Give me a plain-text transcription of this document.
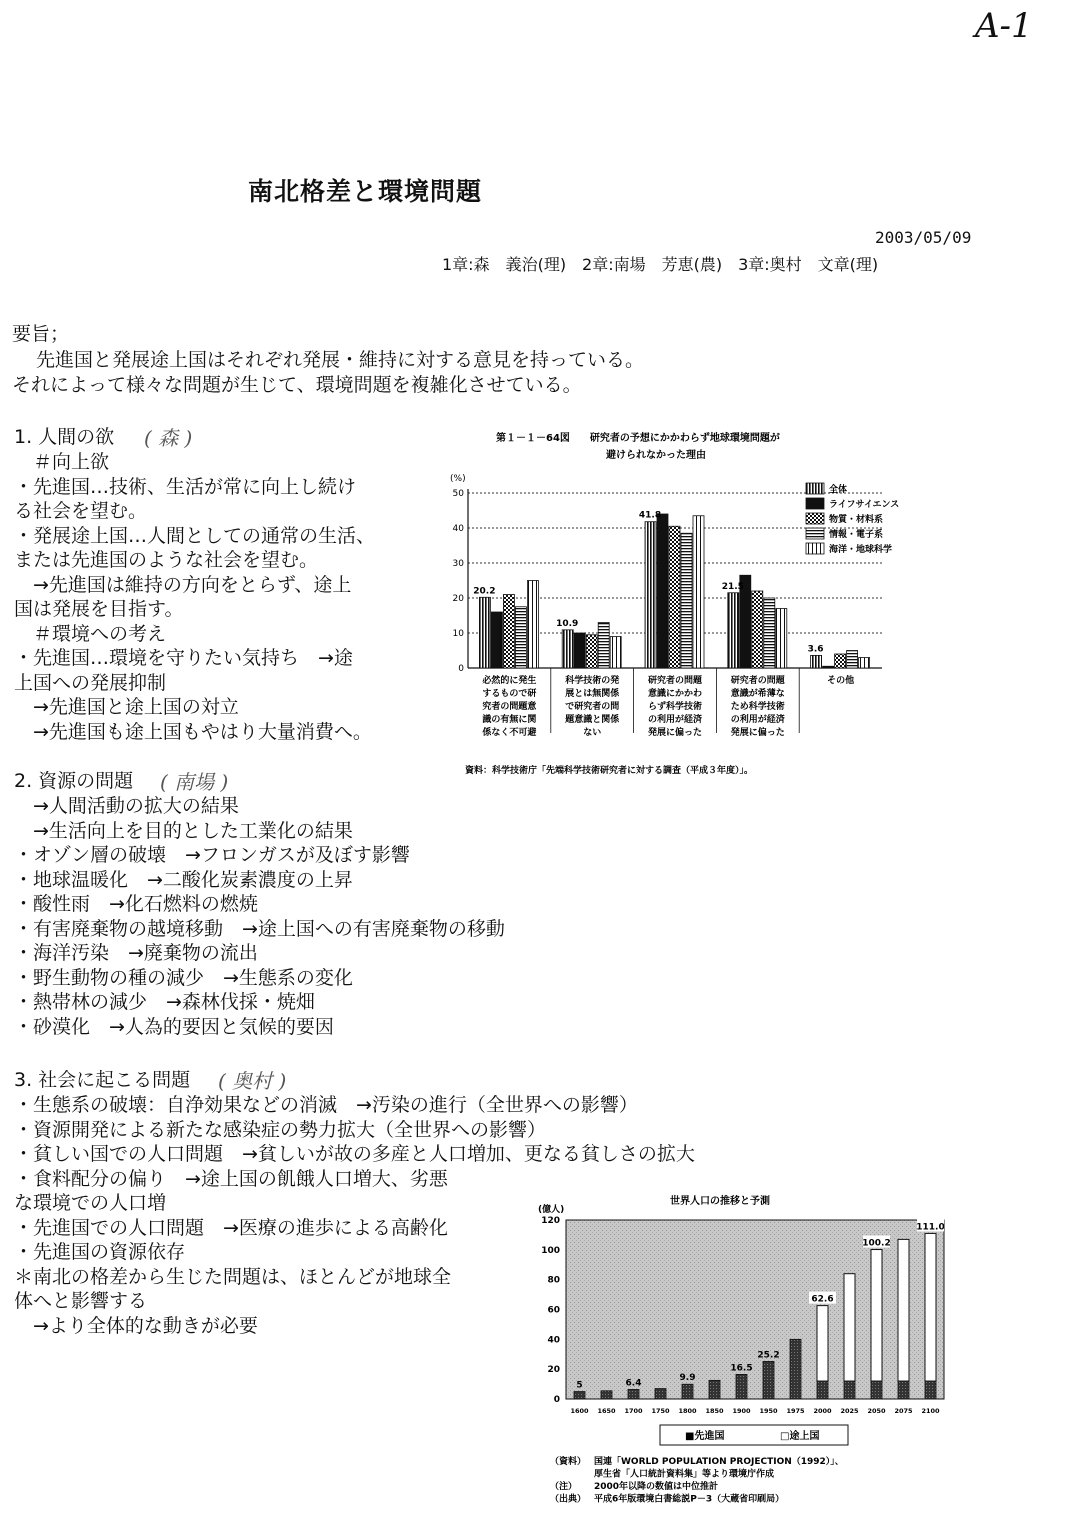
A-1
南北格差と環境問題
2003/05/09
1章:森　義治(理)　2章:南場　芳恵(農)　3章:奥村　文章(理)
要旨；
先進国と発展途上国はそれぞれ発展・維持に対する意見を持っている。
それによって様々な問題が生じて、環境問題を複雑化させている。
1. 人間の欲 ( 森 )
　＃向上欲
・先進国…技術、生活が常に向上し続け
る社会を望む。
・発展途上国…人間としての通常の生活、
または先進国のような社会を望む。
　→先進国は維持の方向をとらず、途上
国は発展を目指す。
　＃環境への考え
・先進国…環境を守りたい気持ち　→途
上国への発展抑制
　→先進国と途上国の対立
　→先進国も途上国もやはり大量消費へ。
2. 資源の問題 ( 南場 )
　→人間活動の拡大の結果
　→生活向上を目的とした工業化の結果
・オゾン層の破壊　→フロンガスが及ぼす影響
・地球温暖化　→二酸化炭素濃度の上昇
・酸性雨　→化石燃料の燃焼
・有害廃棄物の越境移動　→途上国への有害廃棄物の移動
・海洋汚染　→廃棄物の流出
・野生動物の種の減少　→生態系の変化
・熱帯林の減少　→森林伐採・焼畑
・砂漠化　→人為的要因と気候的要因
3. 社会に起こる問題 ( 奥村 )
・生態系の破壊：自浄効果などの消滅　→汚染の進行（全世界への影響）
・資源開発による新たな感染症の勢力拡大（全世界への影響）
・貧しい国での人口問題　→貧しいが故の多産と人口増加、更なる貧しさの拡大
・食料配分の偏り　→途上国の飢餓人口増大、劣悪
な環境での人口増
・先進国での人口問題　→医療の進歩による高齢化
・先進国の資源依存
＊南北の格差から生じた問題は、ほとんどが地球全
体へと影響する
　→より全体的な動きが必要
第１－１－64図　　研究者の予想にかかわらず地球環境問題が
避けられなかった理由
(%)
0
10
20
30
40
50
20.2
必然的に発生
するもので研
究者の問題意
識の有無に関
係なく不可避
10.9
科学技術の発
展とは無関係
で研究者の問
題意識と関係
ない
41.8
研究者の問題
意識にかかわ
らず科学技術
の利用が経済
発展に偏った
21.5
研究者の問題
意識が希薄な
ため科学技術
の利用が経済
発展に偏った
3.6
その他
全体
ライフサイエンス
物質・材料系
情報・電子系
海洋・地球科学
資料：科学技術庁「先端科学技術研究者に対する調査（平成３年度）」。
世界人口の推移と予測
(億人)
0
20
40
60
80
100
120
5
1600 1650
6.4
1700 1750
9.9
1800 1850
16.5
1900
25.2
1950 1975
62.6
2000 2025
100.2
2050 2075
111.0
2100
■先進国	□途上国
（資料） 国連「WORLD POPULATION PROJECTION（1992）」、
厚生省「人口統計資料集」等より環境庁作成
（注） 2000年以降の数値は中位推計
（出典） 平成6年版環境白書総説P－3（大蔵省印刷局）
